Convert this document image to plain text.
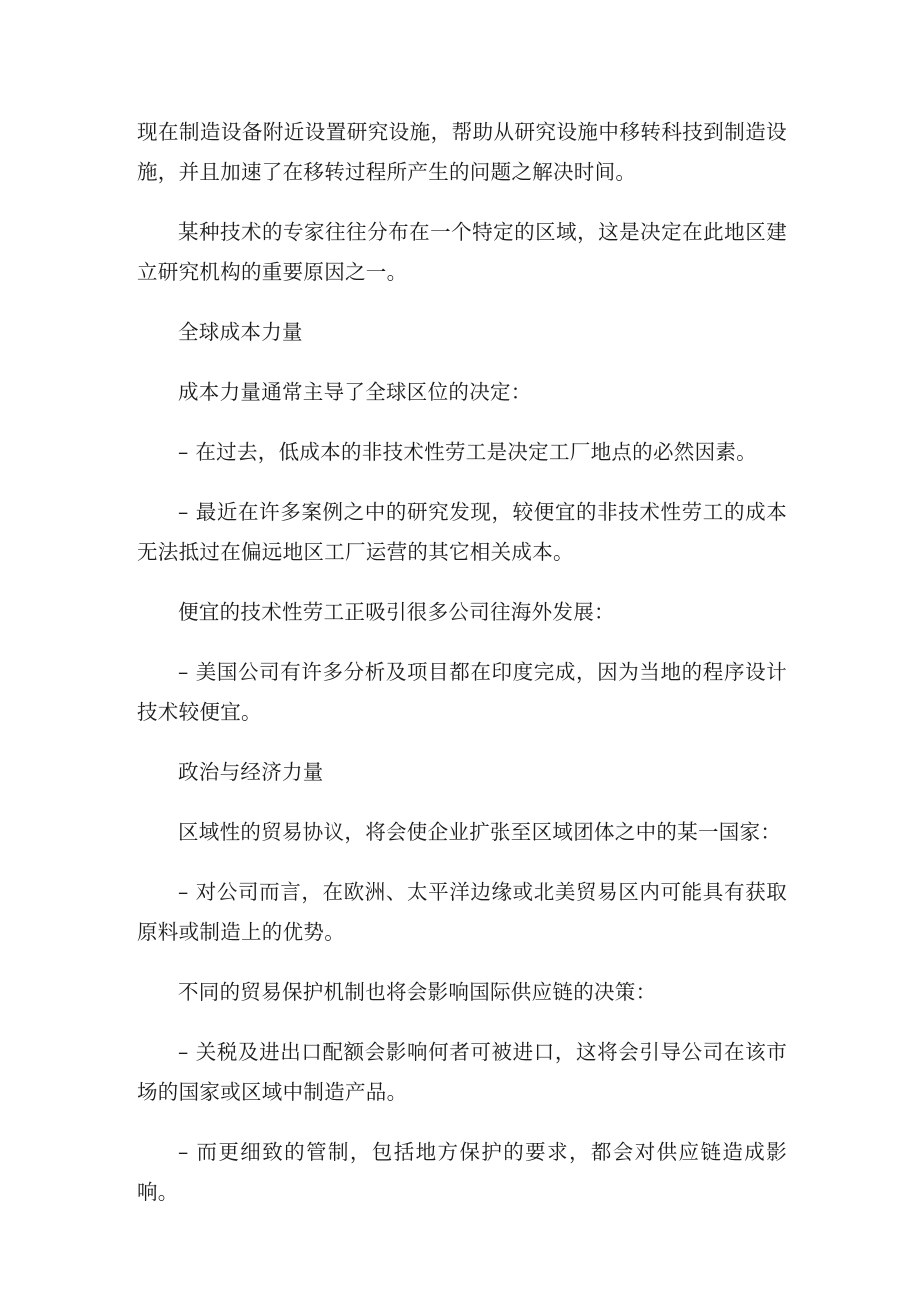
现在制造设备附近设置研究设施，帮助从研究设施中移转科技到制造设施，并且加速了在移转过程所产生的问题之解决时间。

某种技术的专家往往分布在一个特定的区域，这是决定在此地区建立研究机构的重要原因之一。

全球成本力量

成本力量通常主导了全球区位的决定：

– 在过去，低成本的非技术性劳工是决定工厂地点的必然因素。

– 最近在许多案例之中的研究发现，较便宜的非技术性劳工的成本无法抵过在偏远地区工厂运营的其它相关成本。

便宜的技术性劳工正吸引很多公司往海外发展：

– 美国公司有许多分析及项目都在印度完成，因为当地的程序设计技术较便宜。

政治与经济力量

区域性的贸易协议，将会使企业扩张至区域团体之中的某一国家：

– 对公司而言，在欧洲、太平洋边缘或北美贸易区内可能具有获取原料或制造上的优势。

不同的贸易保护机制也将会影响国际供应链的决策：

– 关税及进出口配额会影响何者可被进口，这将会引导公司在该市场的国家或区域中制造产品。

– 而更细致的管制，包括地方保护的要求，都会对供应链造成影响。
